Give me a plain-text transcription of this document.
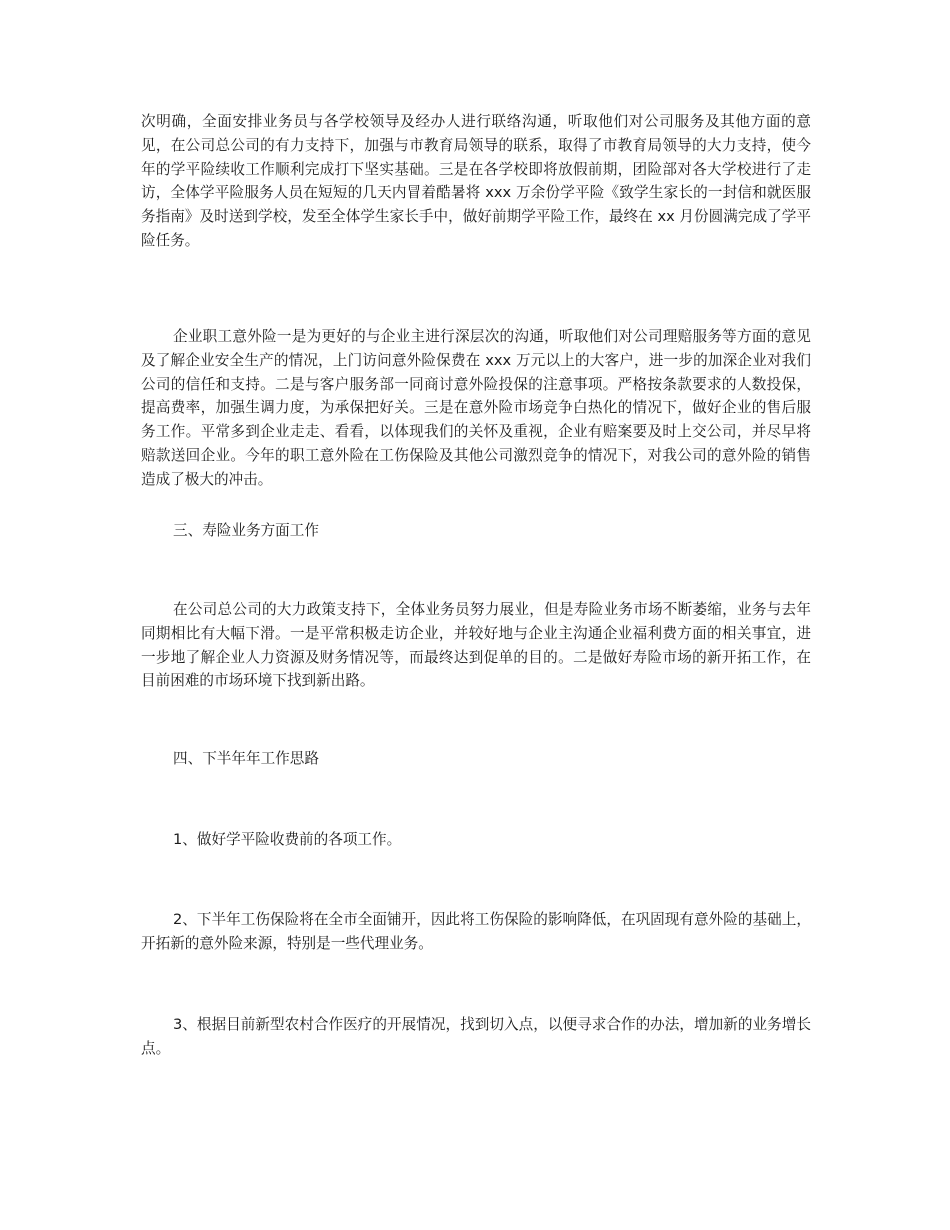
次明确，全面安排业务员与各学校领导及经办人进行联络沟通，听取他们对公司服务及其他方面的意见，在公司总公司的有力支持下，加强与市教育局领导的联系，取得了市教育局领导的大力支持，使今年的学平险续收工作顺利完成打下坚实基础。三是在各学校即将放假前期，团险部对各大学校进行了走访，全体学平险服务人员在短短的几天内冒着酷暑将 xxx 万余份学平险《致学生家长的一封信和就医服务指南》及时送到学校，发至全体学生家长手中，做好前期学平险工作，最终在 xx 月份圆满完成了学平险任务。

企业职工意外险一是为更好的与企业主进行深层次的沟通，听取他们对公司理赔服务等方面的意见及了解企业安全生产的情况，上门访问意外险保费在 xxx 万元以上的大客户，进一步的加深企业对我们公司的信任和支持。二是与客户服务部一同商讨意外险投保的注意事项。严格按条款要求的人数投保，提高费率，加强生调力度，为承保把好关。三是在意外险市场竞争白热化的情况下，做好企业的售后服务工作。平常多到企业走走、看看，以体现我们的关怀及重视，企业有赔案要及时上交公司，并尽早将赔款送回企业。今年的职工意外险在工伤保险及其他公司激烈竞争的情况下，对我公司的意外险的销售造成了极大的冲击。

三、寿险业务方面工作

在公司总公司的大力政策支持下，全体业务员努力展业，但是寿险业务市场不断萎缩，业务与去年同期相比有大幅下滑。一是平常积极走访企业，并较好地与企业主沟通企业福利费方面的相关事宜，进一步地了解企业人力资源及财务情况等，而最终达到促单的目的。二是做好寿险市场的新开拓工作，在目前困难的市场环境下找到新出路。

四、下半年年工作思路

1、做好学平险收费前的各项工作。

2、下半年工伤保险将在全市全面铺开，因此将工伤保险的影响降低，在巩固现有意外险的基础上，开拓新的意外险来源，特别是一些代理业务。

3、根据目前新型农村合作医疗的开展情况，找到切入点，以便寻求合作的办法，增加新的业务增长点。
